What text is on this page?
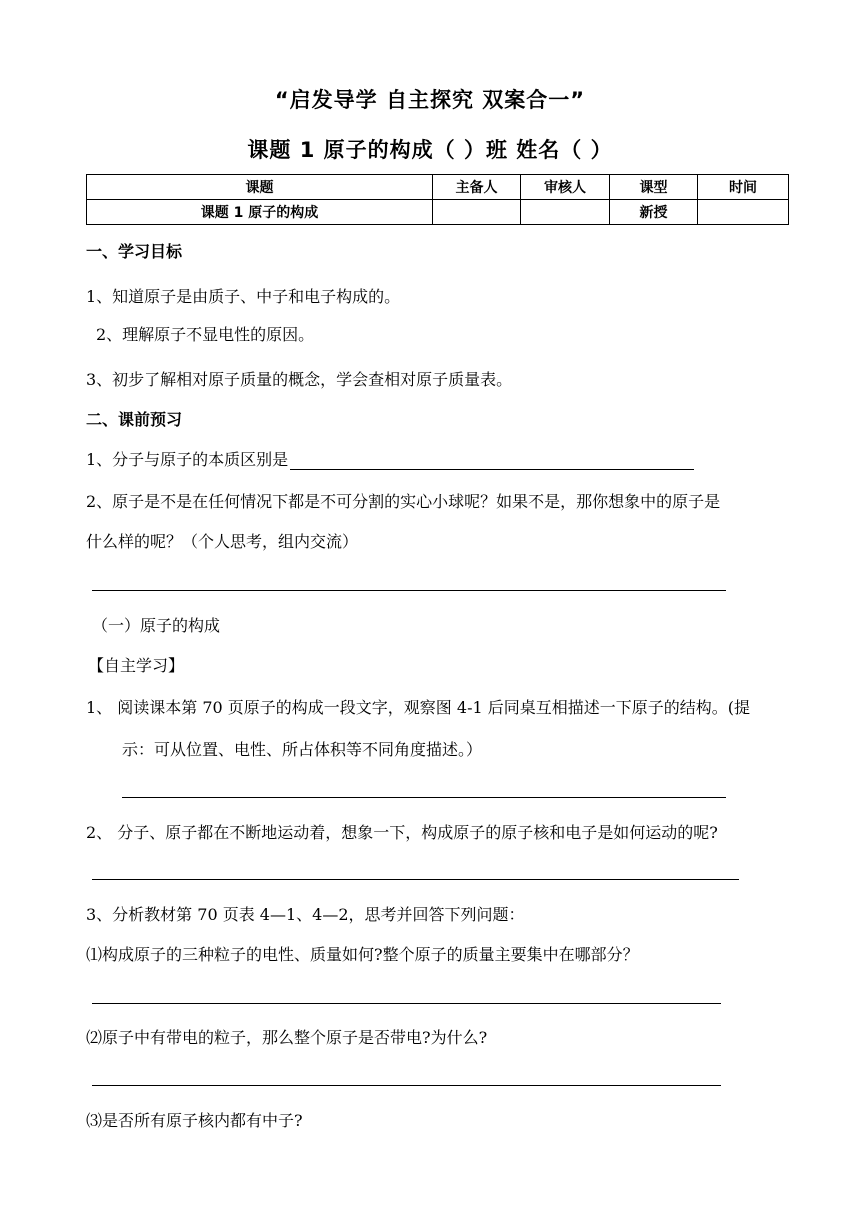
“启发导学 自主探究 双案合一”
课题 1 原子的构成（ ）班 姓名（ ）
课题	主备人	审核人	课型	时间
课题 1 原子的构成			新授	
一、学习目标
1、知道原子是由质子、中子和电子构成的。
2、理解原子不显电性的原因。
3、初步了解相对原子质量的概念，学会查相对原子质量表。
二、课前预习
1、分子与原子的本质区别是
2、原子是不是在任何情况下都是不可分割的实心小球呢？如果不是，那你想象中的原子是
什么样的呢？（个人思考，组内交流）
（一）原子的构成
【自主学习】
1、 阅读课本第 70 页原子的构成一段文字，观察图 4-1 后同桌互相描述一下原子的结构。(提
示：可从位置、电性、所占体积等不同角度描述。）
2、 分子、原子都在不断地运动着，想象一下，构成原子的原子核和电子是如何运动的呢?
3、分析教材第 70 页表 4—1、4—2，思考并回答下列问题：
⑴构成原子的三种粒子的电性、质量如何?整个原子的质量主要集中在哪部分？
⑵原子中有带电的粒子，那么整个原子是否带电?为什么?
⑶是否所有原子核内都有中子?
